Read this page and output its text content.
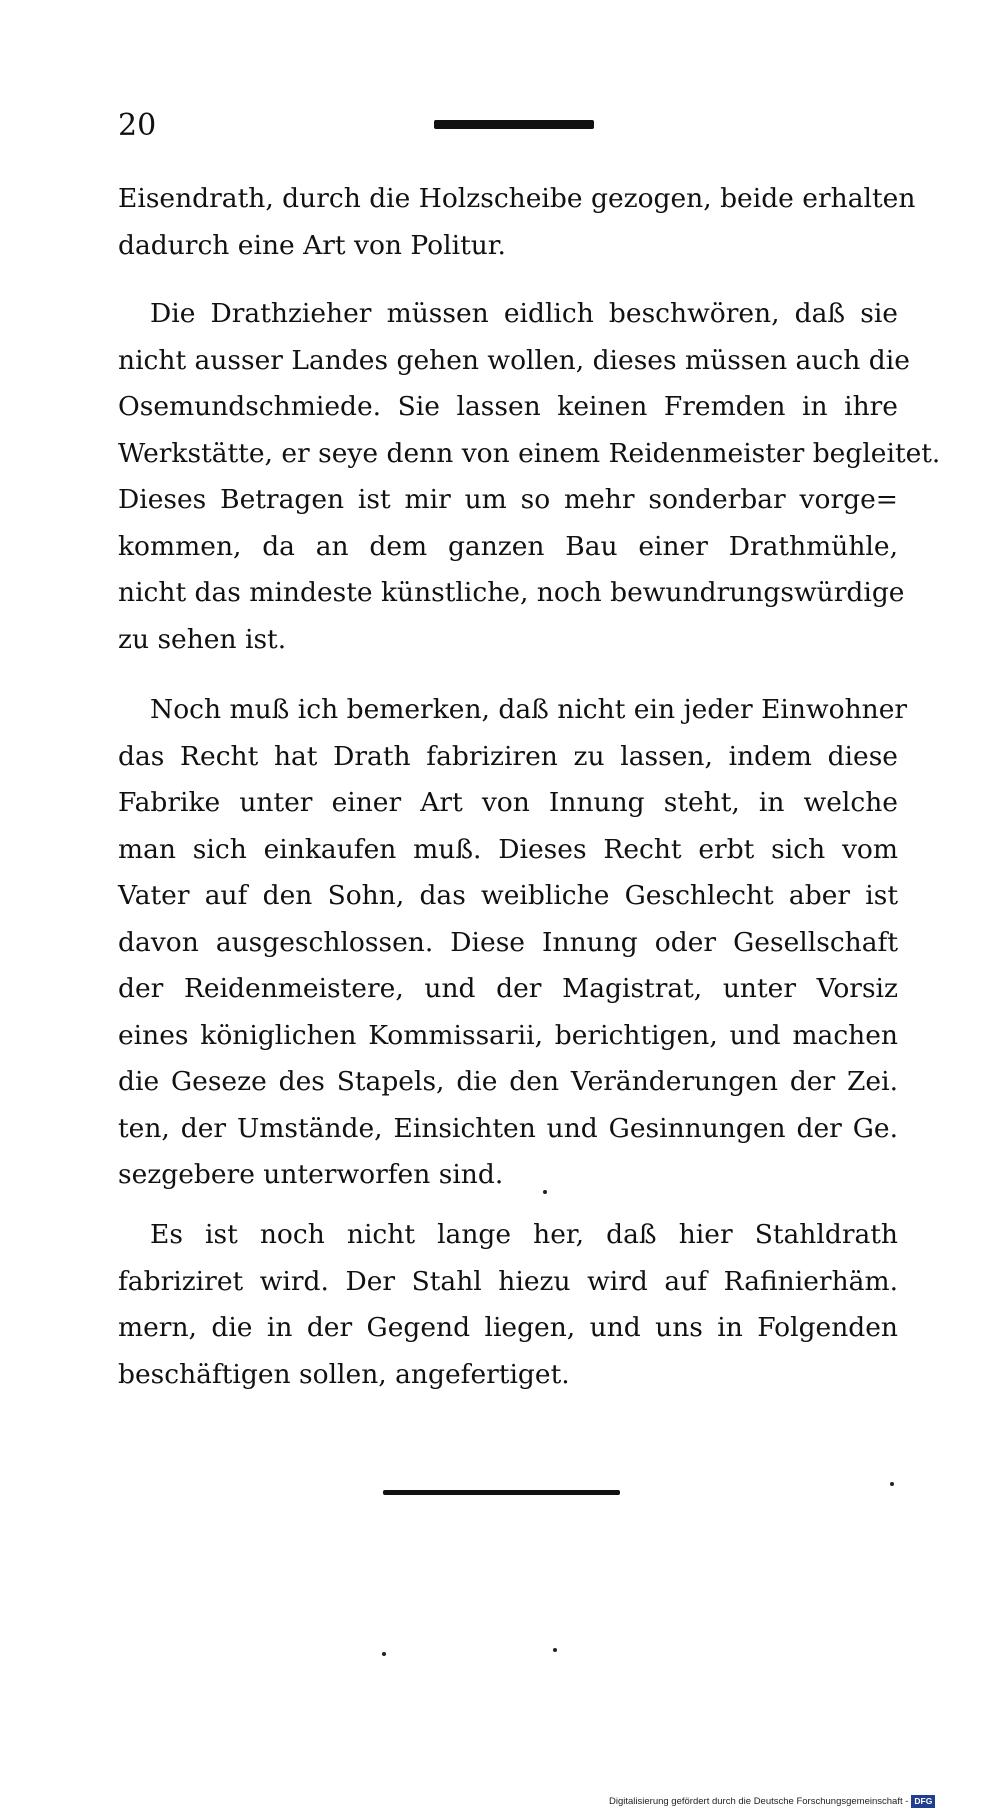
20
Eisendrath, durch die Holzscheibe gezogen, beide erhalten
dadurch eine Art von Politur.
Die Drathzieher müssen eidlich beschwören, daß sie
nicht ausser Landes gehen wollen, dieses müssen auch die
Osemundschmiede. Sie lassen keinen Fremden in ihre
Werkstätte, er seye denn von einem Reidenmeister begleitet.
Dieses Betragen ist mir um so mehr sonderbar vorge=
kommen, da an dem ganzen Bau einer Drathmühle,
nicht das mindeste künstliche, noch bewundrungswürdige
zu sehen ist.
Noch muß ich bemerken, daß nicht ein jeder Einwohner
das Recht hat Drath fabriziren zu lassen, indem diese
Fabrike unter einer Art von Innung steht, in welche
man sich einkaufen muß. Dieses Recht erbt sich vom
Vater auf den Sohn, das weibliche Geschlecht aber ist
davon ausgeschlossen. Diese Innung oder Gesellschaft
der Reidenmeistere, und der Magistrat, unter Vorsiz
eines königlichen Kommissarii, berichtigen, und machen
die Geseze des Stapels, die den Veränderungen der Zei.
ten, der Umstände, Einsichten und Gesinnungen der Ge.
sezgebere unterworfen sind.
Es ist noch nicht lange her, daß hier Stahldrath
fabriziret wird. Der Stahl hiezu wird auf Rafinierhäm.
mern, die in der Gegend liegen, und uns in Folgenden
beschäftigen sollen, angefertiget.
Digitalisierung gefördert durch die Deutsche Forschungsgemeinschaft - DFG
